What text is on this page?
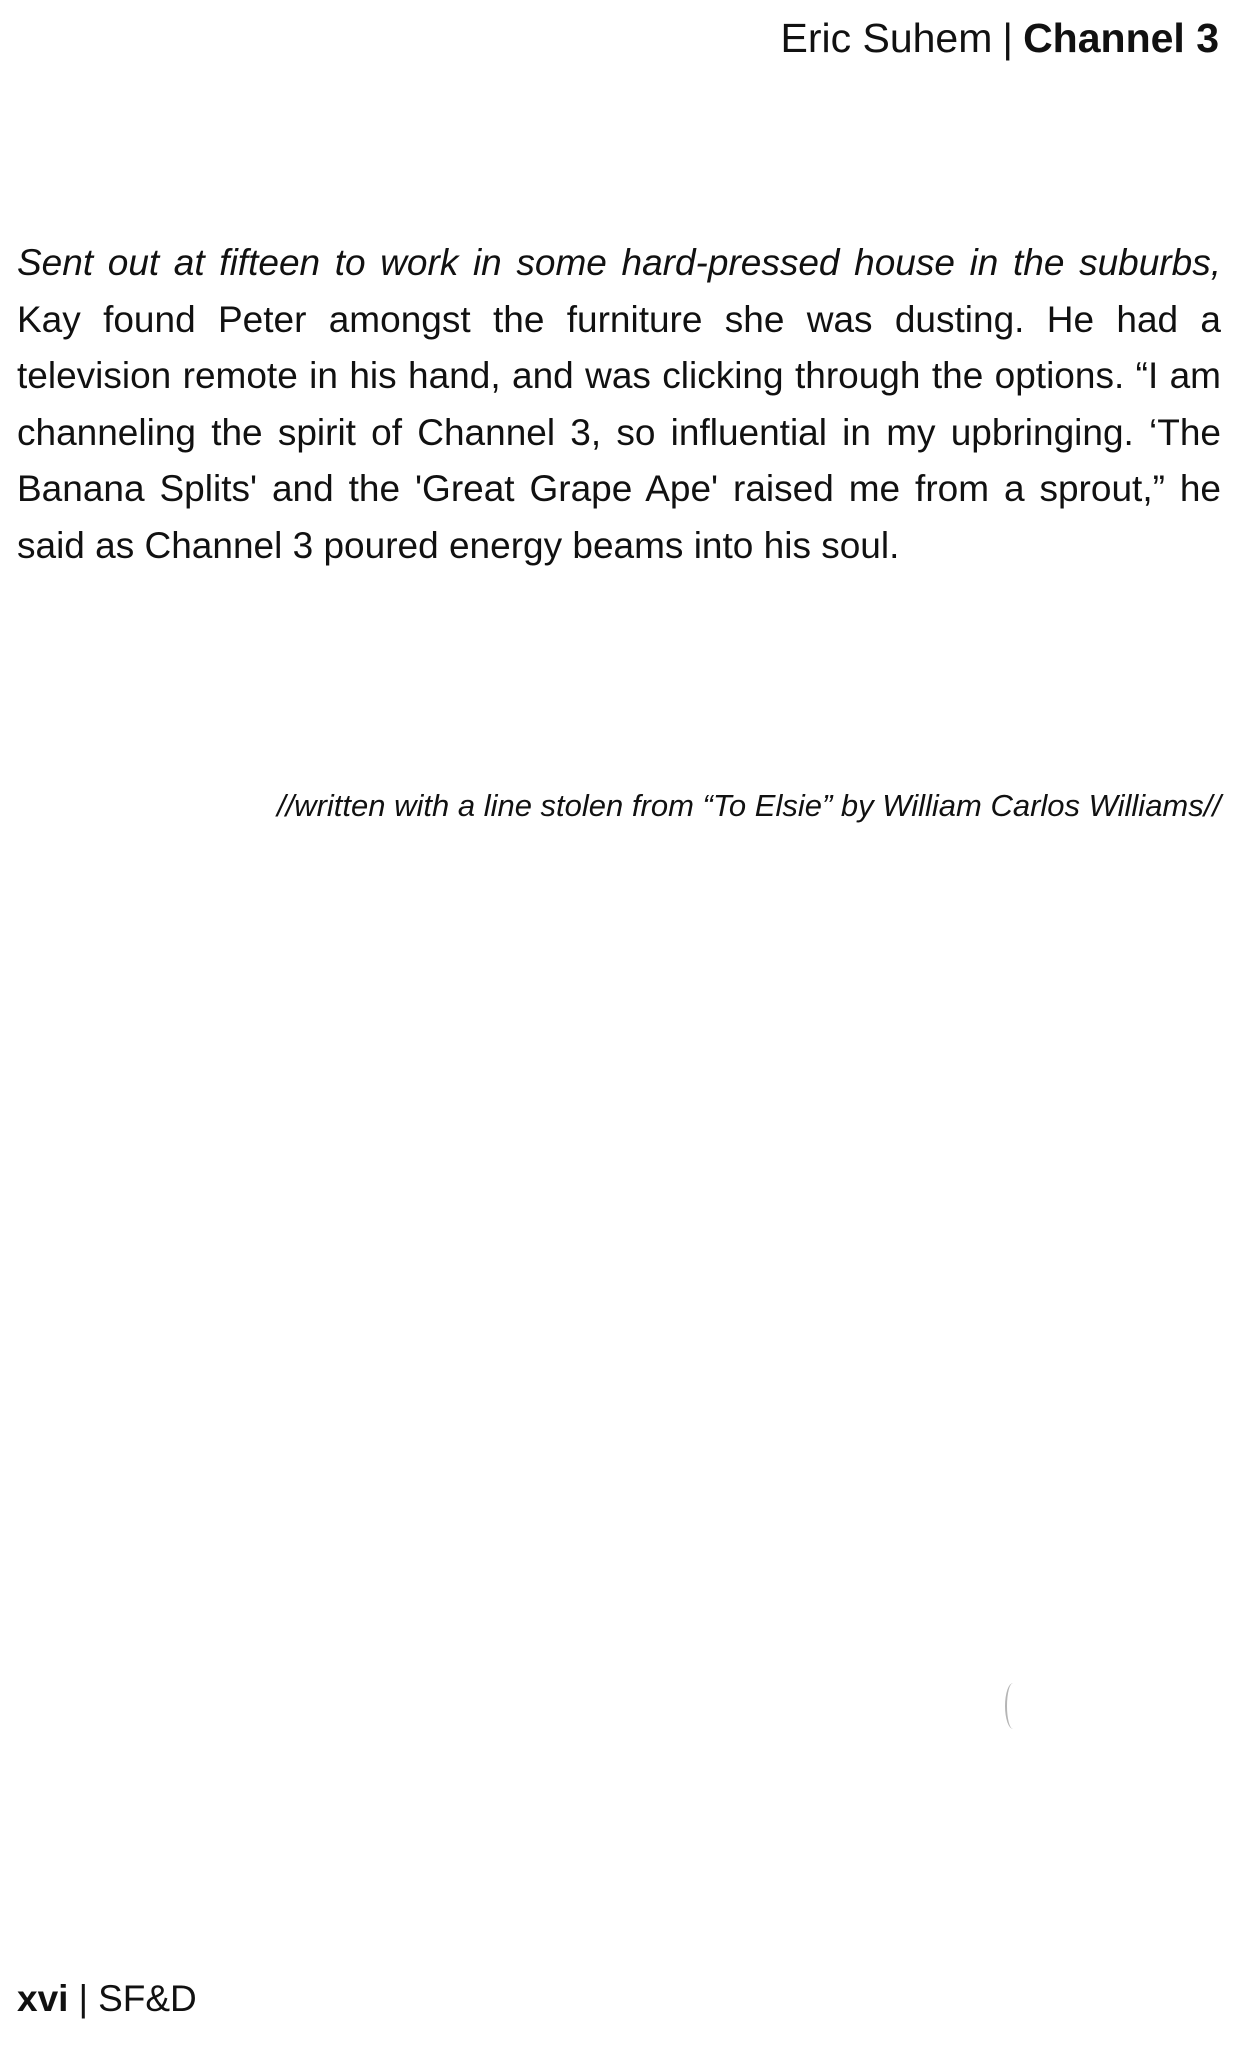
Eric Suhem | Channel 3

Sent out at fifteen to work in some hard-pressed house in the suburbs, Kay found Peter amongst the furniture she was dusting. He had a television remote in his hand, and was clicking through the options. “I am channeling the spirit of Channel 3, so influential in my upbringing. ‘The Banana Splits' and the 'Great Grape Ape' raised me from a sprout,” he said as Channel 3 poured energy beams into his soul.

//written with a line stolen from “To Elsie” by William Carlos Williams//
xvi | SF&D
